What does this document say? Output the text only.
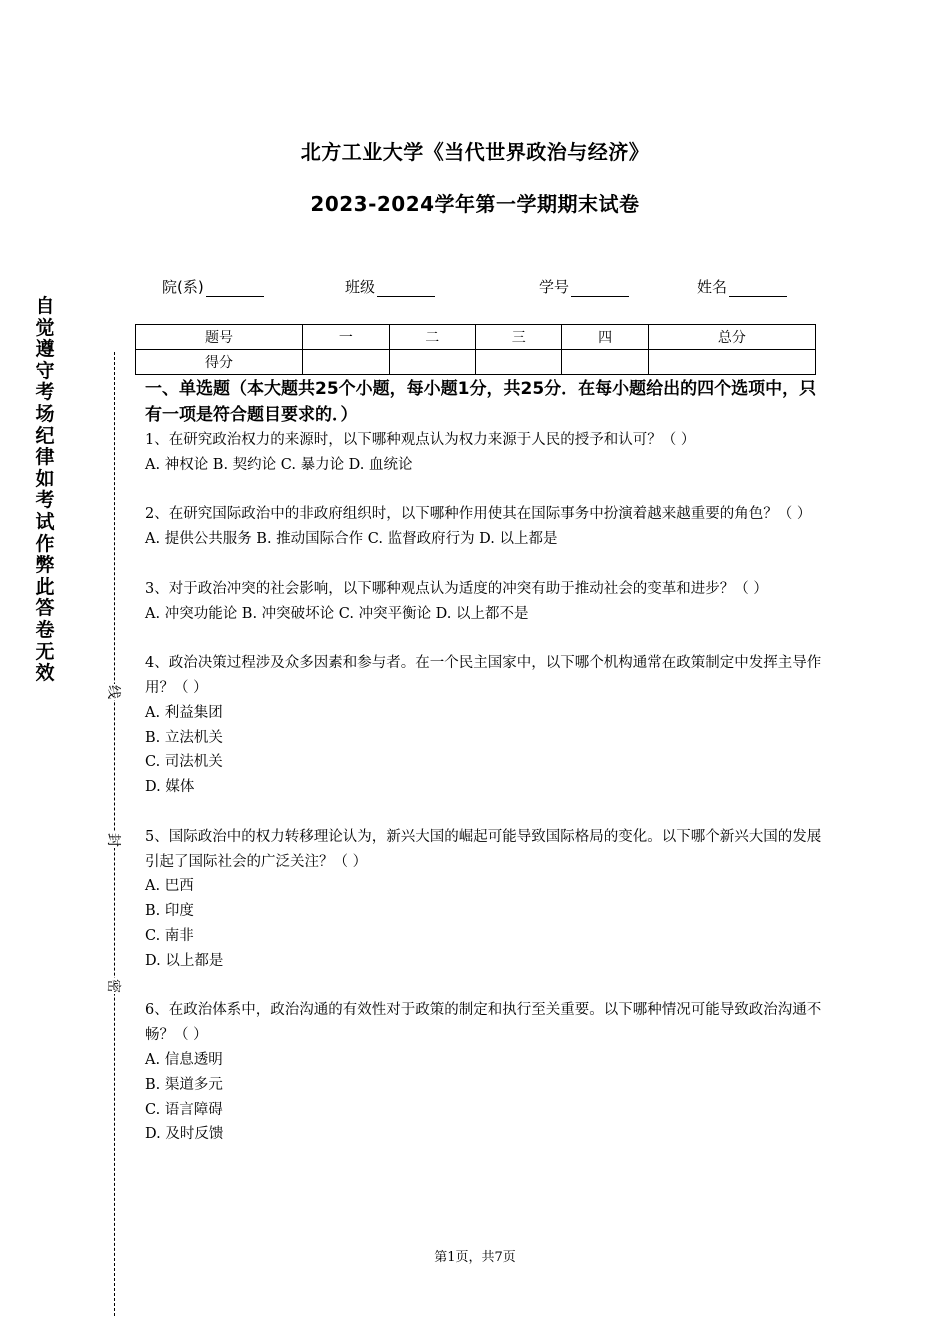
北方工业大学《当代世界政治与经济》
2023-2024学年第一学期期末试卷
院(系)	班级	学号	姓名
题号	一	二	三	四	总分
得分					
自觉遵守考场纪律如考试作弊此答卷无效
线
封
密

一、单选题（本大题共25个小题，每小题1分，共25分．在每小题给出的四个选项中，只有一项是符合题目要求的．）

1、在研究政治权力的来源时，以下哪种观点认为权力来源于人民的授予和认可？（ ）

A. 神权论 B. 契约论 C. 暴力论 D. 血统论

2、在研究国际政治中的非政府组织时，以下哪种作用使其在国际事务中扮演着越来越重要的角色？（ ）

A. 提供公共服务 B. 推动国际合作 C. 监督政府行为 D. 以上都是

3、对于政治冲突的社会影响，以下哪种观点认为适度的冲突有助于推动社会的变革和进步？（ ）

A. 冲突功能论 B. 冲突破坏论 C. 冲突平衡论 D. 以上都不是

4、政治决策过程涉及众多因素和参与者。在一个民主国家中，以下哪个机构通常在政策制定中发挥主导作用？（ ）

A. 利益集团

B. 立法机关

C. 司法机关

D. 媒体

5、国际政治中的权力转移理论认为，新兴大国的崛起可能导致国际格局的变化。以下哪个新兴大国的发展引起了国际社会的广泛关注？（ ）

A. 巴西

B. 印度

C. 南非

D. 以上都是

6、在政治体系中，政治沟通的有效性对于政策的制定和执行至关重要。以下哪种情况可能导致政治沟通不畅？（ ）

A. 信息透明

B. 渠道多元

C. 语言障碍

D. 及时反馈

第1页，共7页
